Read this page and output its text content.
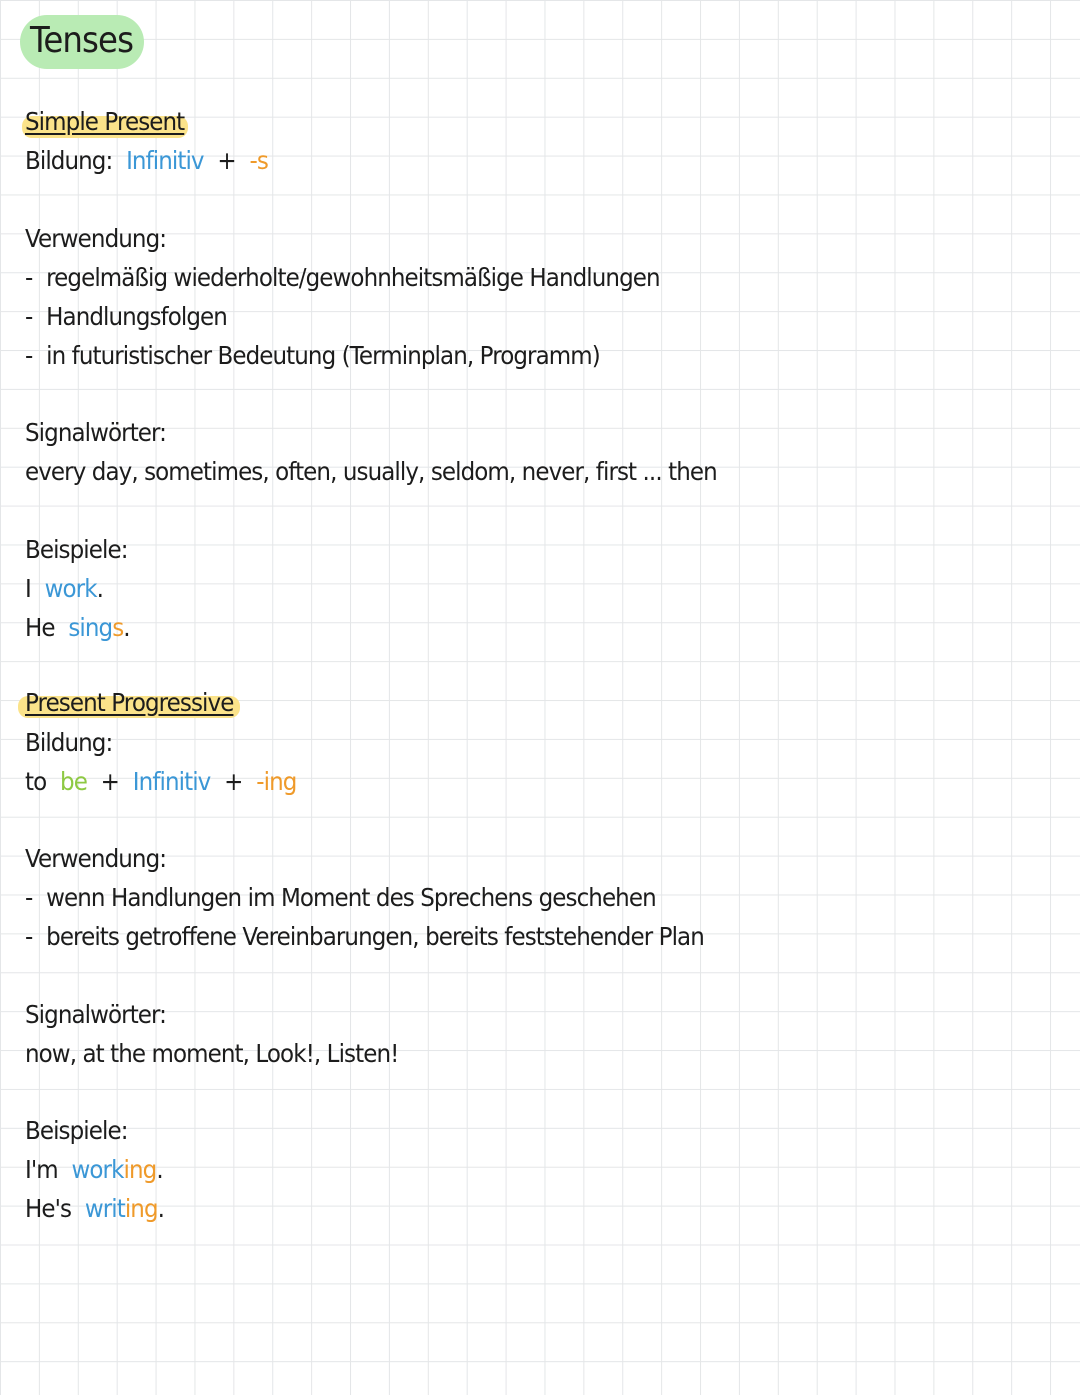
Tenses

Simple Present

Bildung: Infinitiv + -s

Verwendung:

- regelmäßig wiederholte/gewohnheitsmäßige Handlungen

- Handlungsfolgen

- in futuristischer Bedeutung (Terminplan, Programm)

Signalwörter:

every day, sometimes, often, usually, seldom, never, first ... then

Beispiele:

I work.

He sings.

Present Progressive

Bildung:

to be + Infinitiv + -ing

Verwendung:

- wenn Handlungen im Moment des Sprechens geschehen

- bereits getroffene Vereinbarungen, bereits feststehender Plan

Signalwörter:

now, at the moment, Look!, Listen!

Beispiele:

I'm working.

He's writing.
